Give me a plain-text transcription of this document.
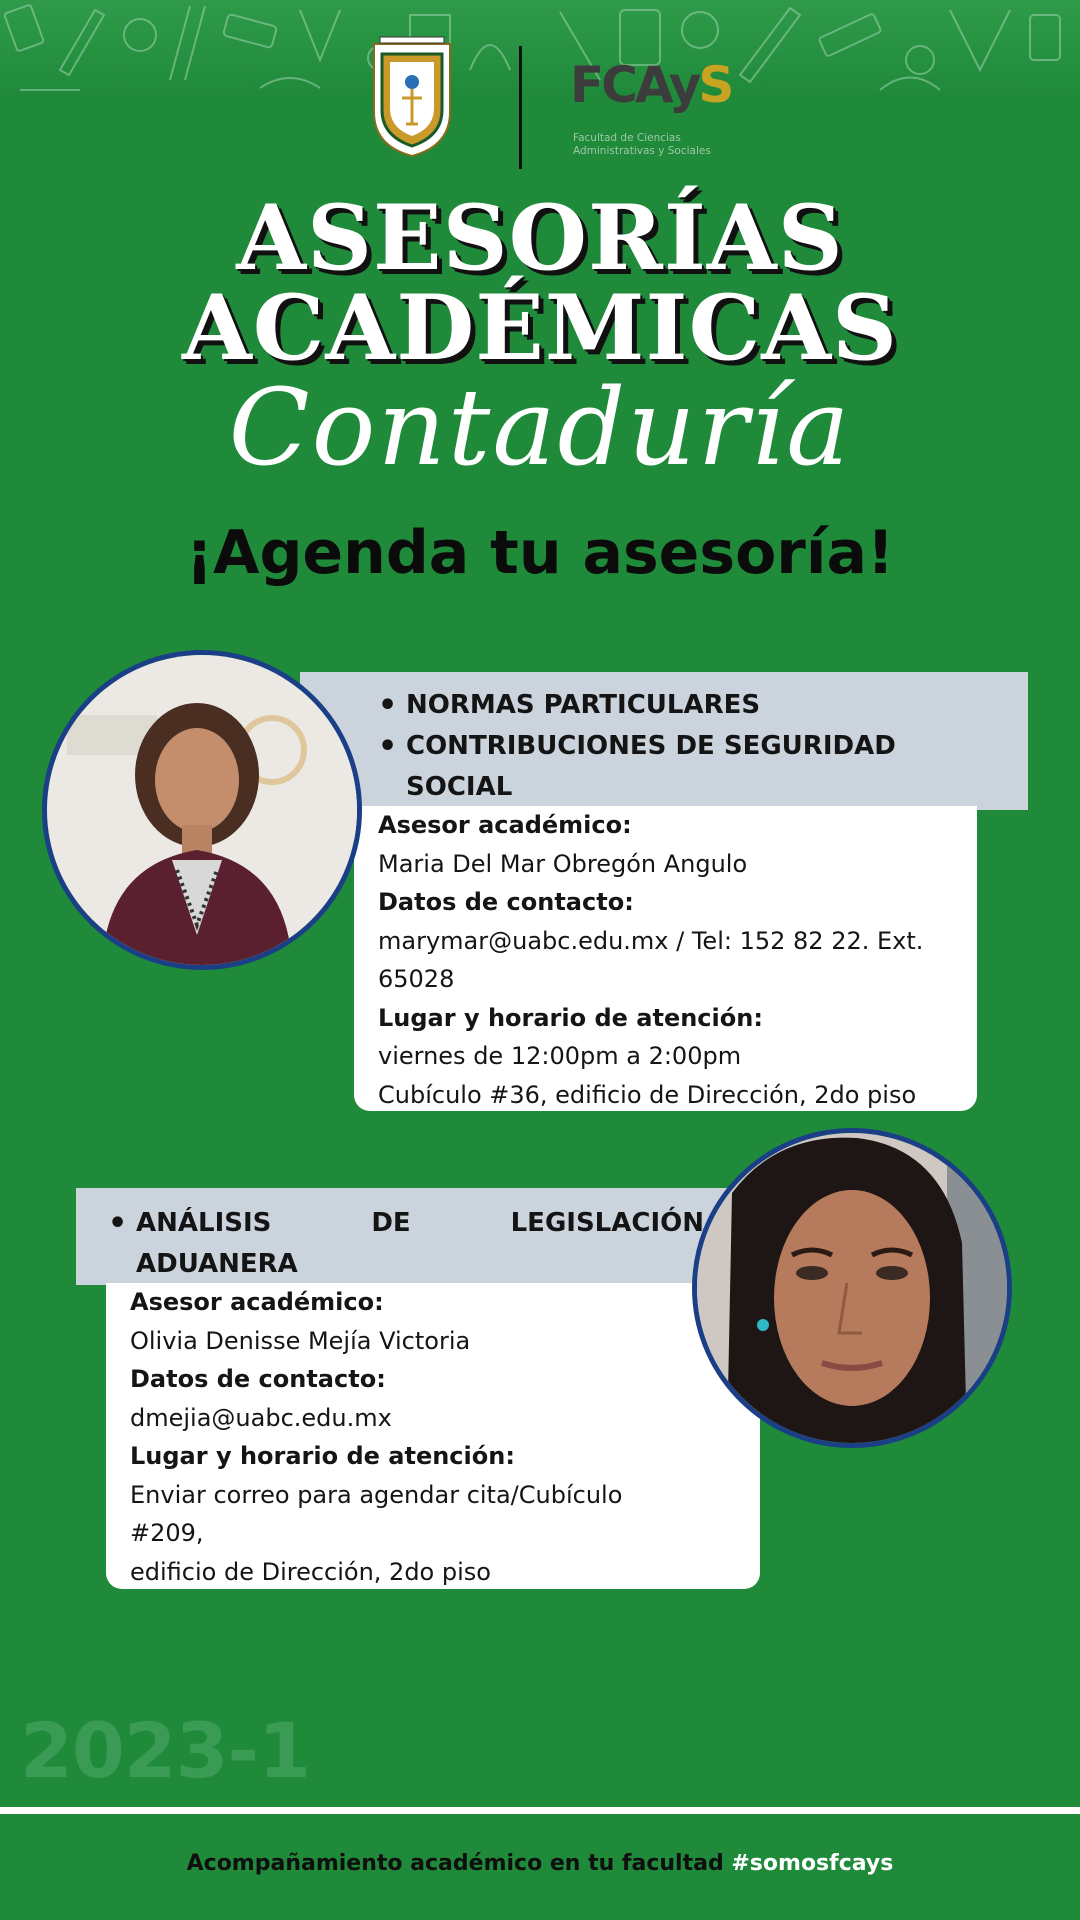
FCAyS
Facultad de Ciencias
Administrativas y Sociales
ASESORÍAS
ACADÉMICAS
Contaduría
¡Agenda tu asesoría!
• NORMAS PARTICULARES
• CONTRIBUCIONES DE SEGURIDAD
SOCIAL
Asesor académico:
Maria Del Mar Obregón Angulo
Datos de contacto:
marymar@uabc.edu.mx / Tel: 152 82 22. Ext.
65028
Lugar y horario de atención:
viernes de 12:00pm a 2:00pm
Cubículo #36, edificio de Dirección, 2do piso
• ANÁLISIS DE LEGISLACIÓN
ADUANERA
Asesor académico:
Olivia Denisse Mejía Victoria
Datos de contacto:
dmejia@uabc.edu.mx
Lugar y horario de atención:
Enviar correo para agendar cita/Cubículo
#209,
edificio de Dirección, 2do piso
2023-1
Acompañamiento académico en tu facultad #somosfcays
